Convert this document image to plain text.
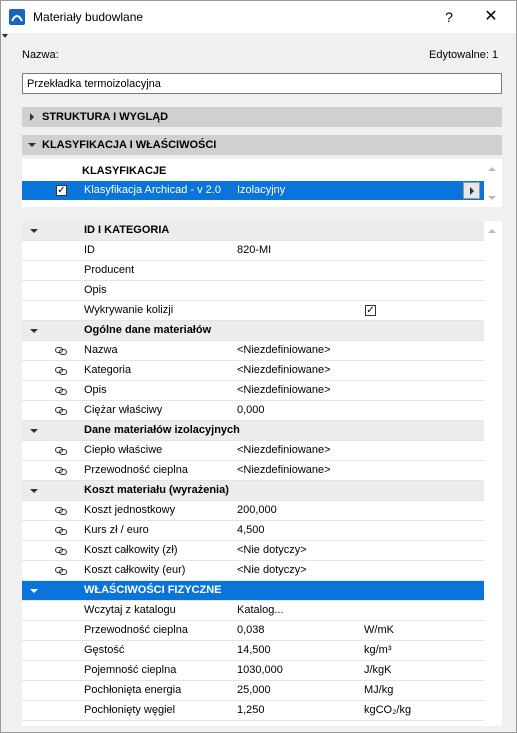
Materiały budowlane	?	✕
Nazwa:	Edytowalne: 1
Przekładka termoizolacyjna
STRUKTURA I WYGLĄD
KLASYFIKACJA I WŁAŚCIWOŚCI
KLASYFIKACJE
✓ Klasyfikacja Archicad - v 2.0 Izolacyjny
ID I KATEGORIA
ID	820-MI
Producent
Opis
Wykrywanie kolizji	✓
Ogólne dane materiałów
Nazwa	<Niezdefiniowane>
Kategoria	<Niezdefiniowane>
Opis	<Niezdefiniowane>
Ciężar właściwy	0,000
Dane materiałów izolacyjnych
Ciepło właściwe	<Niezdefiniowane>
Przewodność cieplna	<Niezdefiniowane>
Koszt materiału (wyrażenia)
Koszt jednostkowy	200,000
Kurs zł / euro	4,500
Koszt całkowity (zł)	<Nie dotyczy>
Koszt całkowity (eur)	<Nie dotyczy>
WŁAŚCIWOŚCI FIZYCZNE
Wczytaj z katalogu	Katalog...
Przewodność cieplna	0,038	W/mK
Gęstość	14,500	kg/m³
Pojemność cieplna	1030,000	J/kgK
Pochłonięta energia	25,000	MJ/kg
Pochłonięty węgiel	1,250	kgCO₂/kg
